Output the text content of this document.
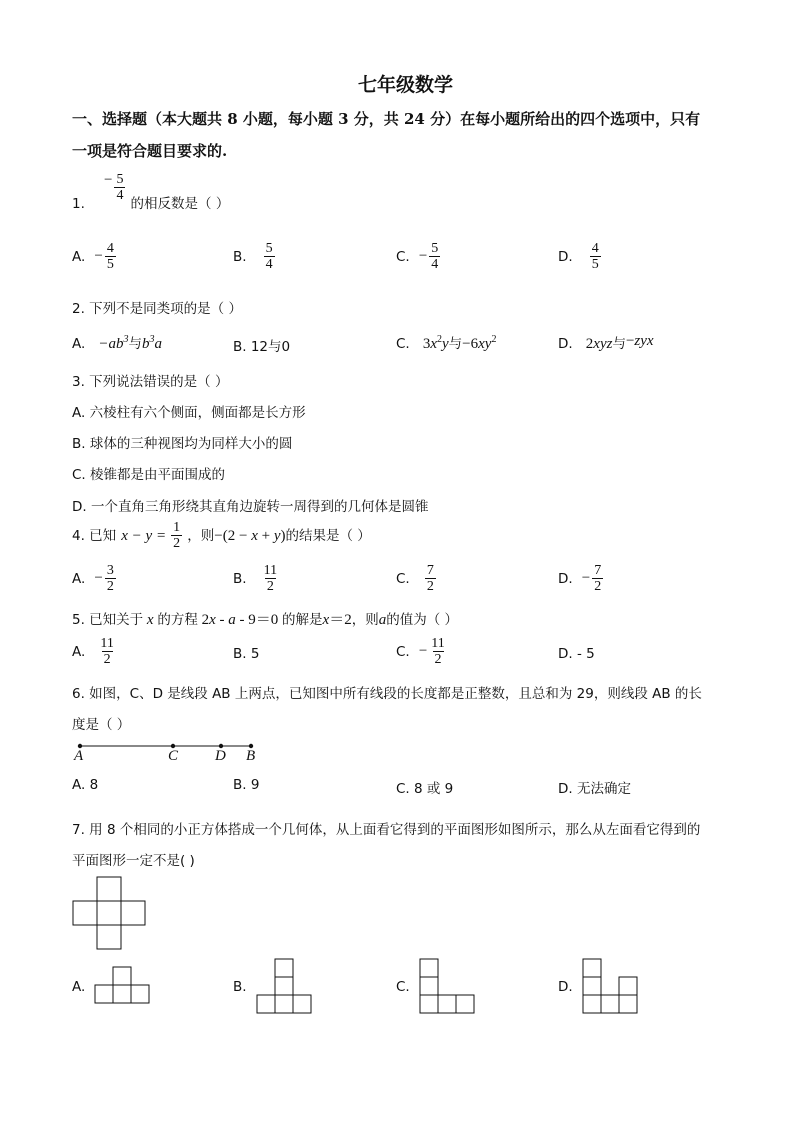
七年级数学
一、选择题（本大题共 8 小题，每小题 3 分，共 24 分）在每小题所给出的四个选项中，只有
一项是符合题目要求的.
$_{1.} - \frac{5}{4}$
$_{的相反数是( )}$
A. − $\frac{4}{5}$	B. $\frac{5}{4}$	C. − $\frac{5}{4}$	D. $\frac{4}{5}$
2. 下列不是同类项的是（ ）
A. $-ab^3$与$b^3a$	B. 12与0	C. $3x^2y$与$-6xy^2$	D. 2xyz与−zyx
3. 下列说法错误的是（ ）
A. 六棱柱有六个侧面，侧面都是长方形
B. 球体的三种视图均为同样大小的圆
C. 棱锥都是由平面围成的
D. 一个直角三角形绕其直角边旋转一周得到的几何体是圆锥
4. 已知 $x - y = \frac{1}{2}$ ，则−(2 − x + y)的结果是（ ）
A. − $\frac{3}{2}$	B. $\frac{11}{2}$	C. $\frac{7}{2}$	D. − $\frac{7}{2}$
5. 已知关于 x 的方程 2x - a - 9＝0 的解是x＝2，则a的值为（ ）
A. $\frac{11}{2}$	B. 5	C. − $\frac{11}{2}$	D. - 5
6. 如图，C、D 是线段 AB 上两点，已知图中所有线段的长度都是正整数，且总和为 29，则线段 AB 的长
度是（ ）
A	C D B
A. 8	B. 9	C. 8 或 9	D. 无法确定
7. 用 8 个相同的小正方体搭成一个几何体，从上面看它得到的平面图形如图所示，那么从左面看它得到的
平面图形一定不是( )
A.	B.	C.	D.
